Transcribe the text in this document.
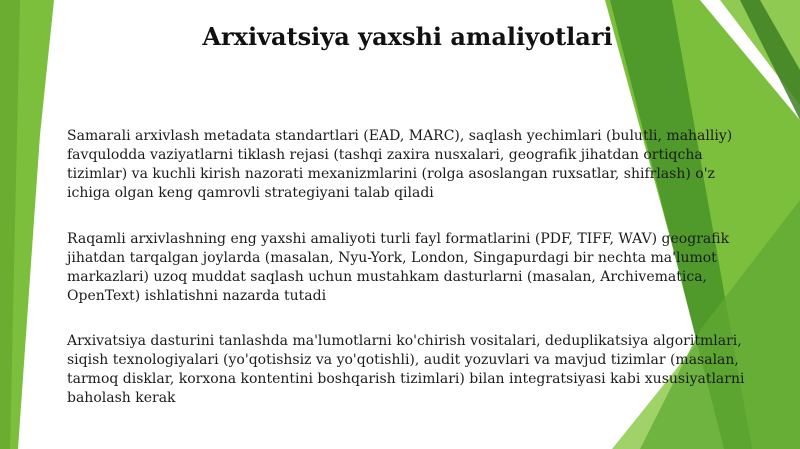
Arxivatsiya yaxshi amaliyotlari

Samarali arxivlash metadata standartlari (EAD, MARC), saqlash yechimlari (bulutli, mahalliy)
favqulodda vaziyatlarni tiklash rejasi (tashqi zaxira nusxalari, geografik jihatdan ortiqcha
tizimlar) va kuchli kirish nazorati mexanizmlarini (rolga asoslangan ruxsatlar, shifrlash) o'z
ichiga olgan keng qamrovli strategiyani talab qiladi

Raqamli arxivlashning eng yaxshi amaliyoti turli fayl formatlarini (PDF, TIFF, WAV) geografik
jihatdan tarqalgan joylarda (masalan, Nyu-York, London, Singapurdagi bir nechta ma'lumot
markazlari) uzoq muddat saqlash uchun mustahkam dasturlarni (masalan, Archivematica,
OpenText) ishlatishni nazarda tutadi

Arxivatsiya dasturini tanlashda ma'lumotlarni ko'chirish vositalari, deduplikatsiya algoritmlari,
siqish texnologiyalari (yo'qotishsiz va yo'qotishli), audit yozuvlari va mavjud tizimlar (masalan,
tarmoq disklar, korxona kontentini boshqarish tizimlari) bilan integratsiyasi kabi xususiyatlarni
baholash kerak
